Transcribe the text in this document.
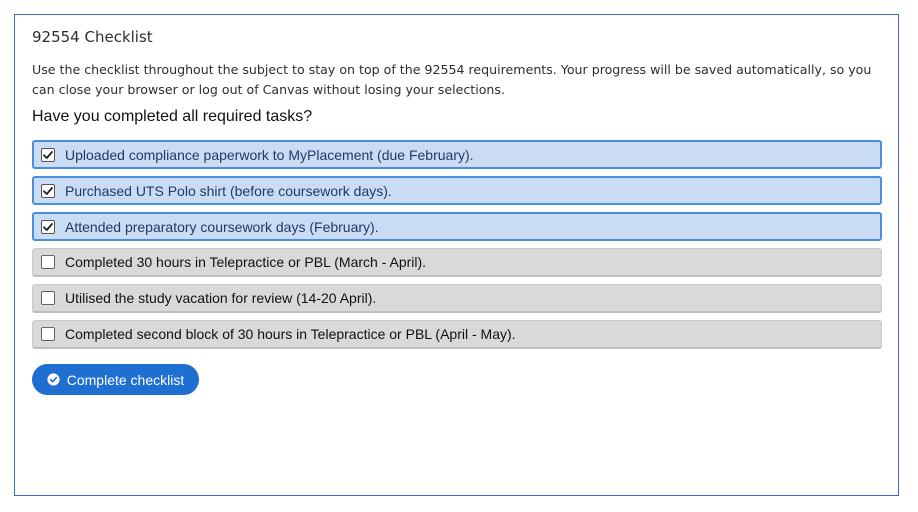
92554 Checklist
Use the checklist throughout the subject to stay on top of the 92554 requirements. Your progress will be saved automatically, so you can close your browser or log out of Canvas without losing your selections.
Have you completed all required tasks?
Uploaded compliance paperwork to MyPlacement (due February).
Purchased UTS Polo shirt (before coursework days).
Attended preparatory coursework days (February).
Completed 30 hours in Telepractice or PBL (March - April).
Utilised the study vacation for review (14-20 April).
Completed second block of 30 hours in Telepractice or PBL (April - May).
Complete checklist
